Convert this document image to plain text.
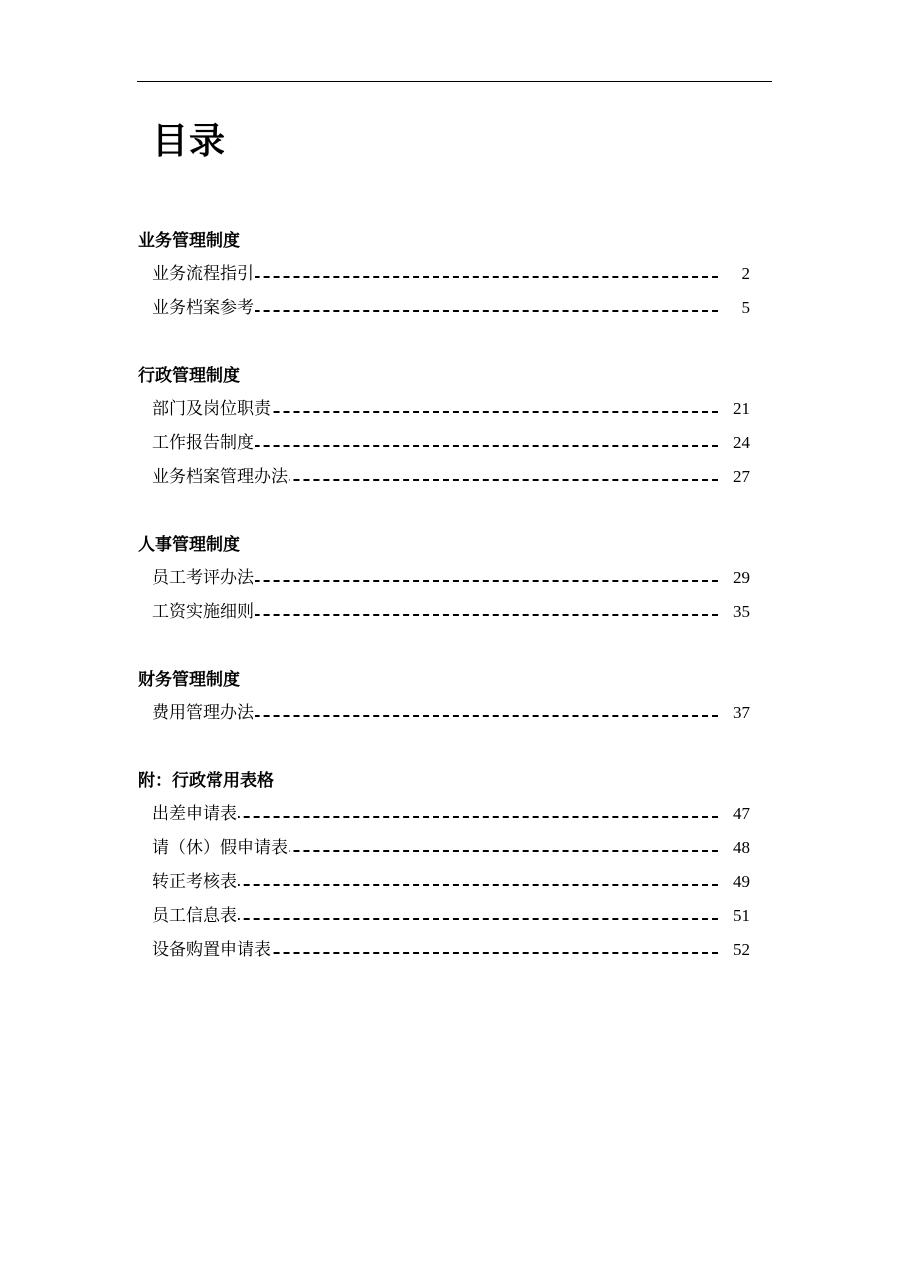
目录
业务管理制度
业务流程指引	2
业务档案参考	5
行政管理制度
部门及岗位职责	21
工作报告制度	24
业务档案管理办法	27
人事管理制度
员工考评办法	29
工资实施细则	35
财务管理制度
费用管理办法	37
附：行政常用表格
出差申请表	47
请（休）假申请表	48
转正考核表	49
员工信息表	51
设备购置申请表	52
